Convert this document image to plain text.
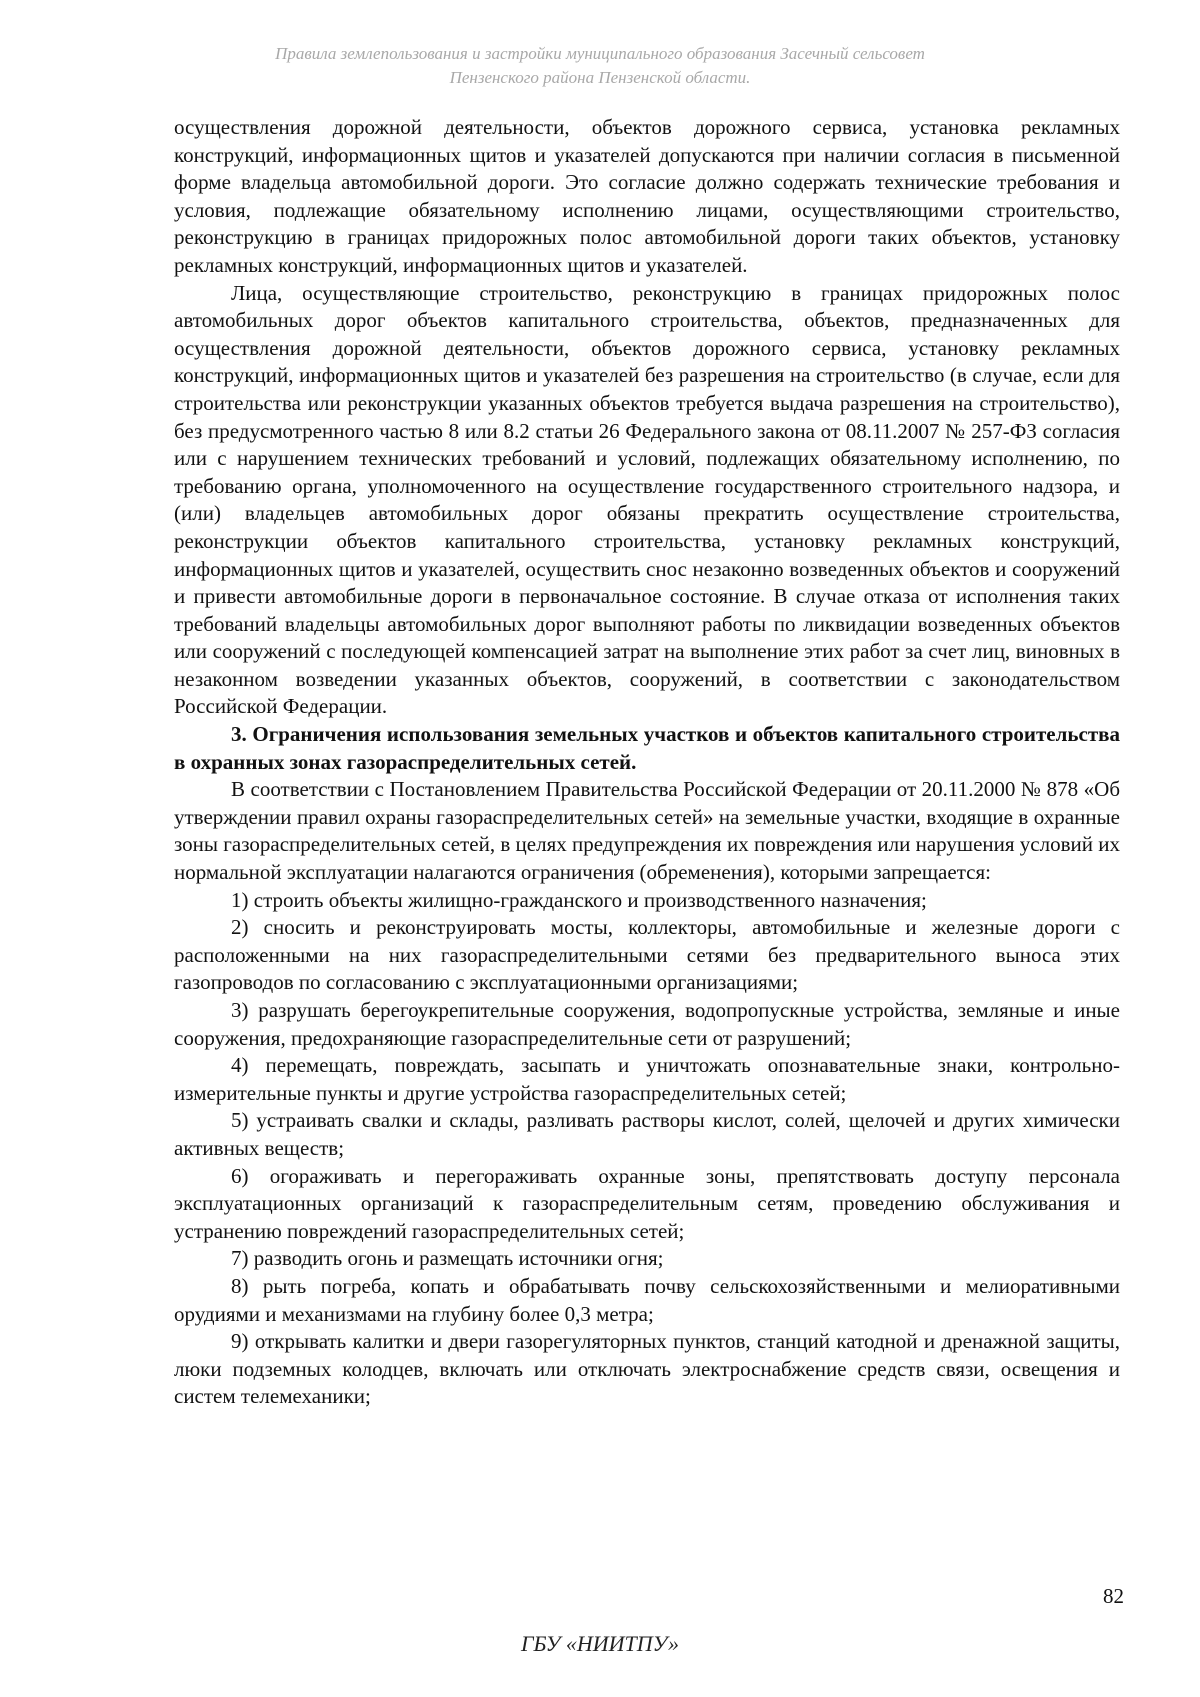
Правила землепользования и застройки муниципального образования Засечный сельсовет
Пензенского района Пензенской области.

осуществления дорожной деятельности, объектов дорожного сервиса, установка рекламных конструкций, информационных щитов и указателей допускаются при наличии согласия в письменной форме владельца автомобильной дороги. Это согласие должно содержать технические требования и условия, подлежащие обязательному исполнению лицами, осуществляющими строительство, реконструкцию в границах придорожных полос автомобильной дороги таких объектов, установку рекламных конструкций, информационных щитов и указателей.

Лица, осуществляющие строительство, реконструкцию в границах придорожных полос автомобильных дорог объектов капитального строительства, объектов, предназначенных для осуществления дорожной деятельности, объектов дорожного сервиса, установку рекламных конструкций, информационных щитов и указателей без разрешения на строительство (в случае, если для строительства или реконструкции указанных объектов требуется выдача разрешения на строительство), без предусмотренного частью 8 или 8.2 статьи 26 Федерального закона от 08.11.2007 № 257-ФЗ согласия или с нарушением технических требований и условий, подлежащих обязательному исполнению, по требованию органа, уполномоченного на осуществление государственного строительного надзора, и (или) владельцев автомобильных дорог обязаны прекратить осуществление строительства, реконструкции объектов капитального строительства, установку рекламных конструкций, информационных щитов и указателей, осуществить снос незаконно возведенных объектов и сооружений и привести автомобильные дороги в первоначальное состояние. В случае отказа от исполнения таких требований владельцы автомобильных дорог выполняют работы по ликвидации возведенных объектов или сооружений с последующей компенсацией затрат на выполнение этих работ за счет лиц, виновных в незаконном возведении указанных объектов, сооружений, в соответствии с законодательством Российской Федерации.

3. Ограничения использования земельных участков и объектов капитального строительства в охранных зонах газораспределительных сетей.

В соответствии с Постановлением Правительства Российской Федерации от 20.11.2000 № 878 «Об утверждении правил охраны газораспределительных сетей» на земельные участки, входящие в охранные зоны газораспределительных сетей, в целях предупреждения их повреждения или нарушения условий их нормальной эксплуатации налагаются ограничения (обременения), которыми запрещается:

1) строить объекты жилищно-гражданского и производственного назначения;

2) сносить и реконструировать мосты, коллекторы, автомобильные и железные дороги с расположенными на них газораспределительными сетями без предварительного выноса этих газопроводов по согласованию с эксплуатационными организациями;

3) разрушать берегоукрепительные сооружения, водопропускные устройства, земляные и иные сооружения, предохраняющие газораспределительные сети от разрушений;

4) перемещать, повреждать, засыпать и уничтожать опознавательные знаки, контрольно-измерительные пункты и другие устройства газораспределительных сетей;

5) устраивать свалки и склады, разливать растворы кислот, солей, щелочей и других химически активных веществ;

6) огораживать и перегораживать охранные зоны, препятствовать доступу персонала эксплуатационных организаций к газораспределительным сетям, проведению обслуживания и устранению повреждений газораспределительных сетей;

7) разводить огонь и размещать источники огня;

8) рыть погреба, копать и обрабатывать почву сельскохозяйственными и мелиоративными орудиями и механизмами на глубину более 0,3 метра;

9) открывать калитки и двери газорегуляторных пунктов, станций катодной и дренажной защиты, люки подземных колодцев, включать или отключать электроснабжение средств связи, освещения и систем телемеханики;

82
ГБУ «НИИТПУ»
